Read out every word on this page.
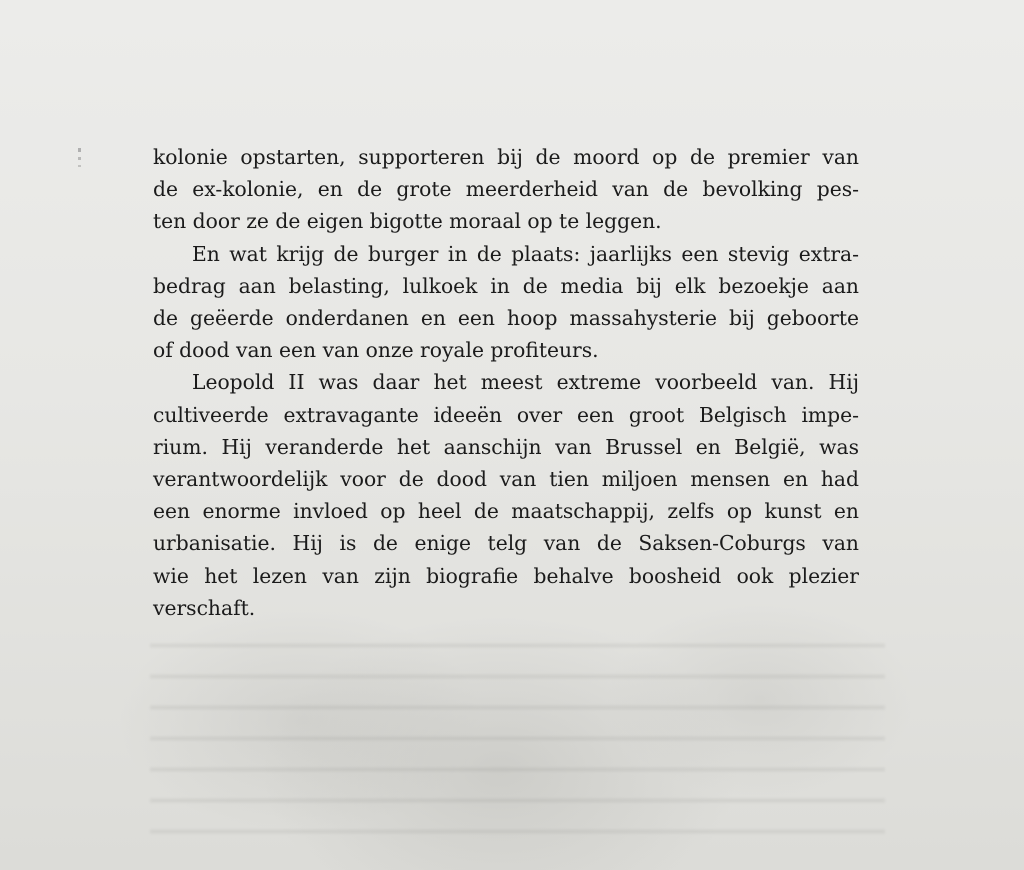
kolonie opstarten, supporteren bij de moord op de premier van
de ex-kolonie, en de grote meerderheid van de bevolking pes-
ten door ze de eigen bigotte moraal op te leggen.
En wat krijg de burger in de plaats: jaarlijks een stevig extra-
bedrag aan belasting, lulkoek in de media bij elk bezoekje aan
de geëerde onderdanen en een hoop massahysterie bij geboorte
of dood van een van onze royale profiteurs.
Leopold II was daar het meest extreme voorbeeld van. Hij
cultiveerde extravagante ideeën over een groot Belgisch impe-
rium. Hij veranderde het aanschijn van Brussel en België, was
verantwoordelijk voor de dood van tien miljoen mensen en had
een enorme invloed op heel de maatschappij, zelfs op kunst en
urbanisatie. Hij is de enige telg van de Saksen-Coburgs van
wie het lezen van zijn biografie behalve boosheid ook plezier
verschaft.
